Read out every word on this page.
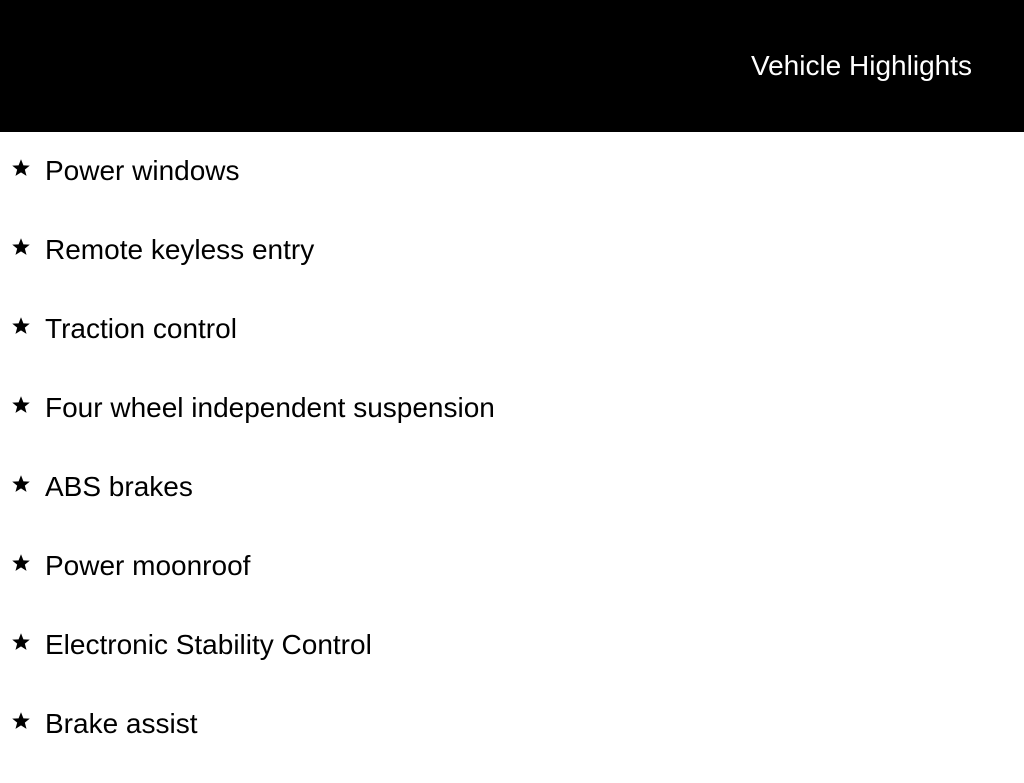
Vehicle Highlights
Power windows
Remote keyless entry
Traction control
Four wheel independent suspension
ABS brakes
Power moonroof
Electronic Stability Control
Brake assist
